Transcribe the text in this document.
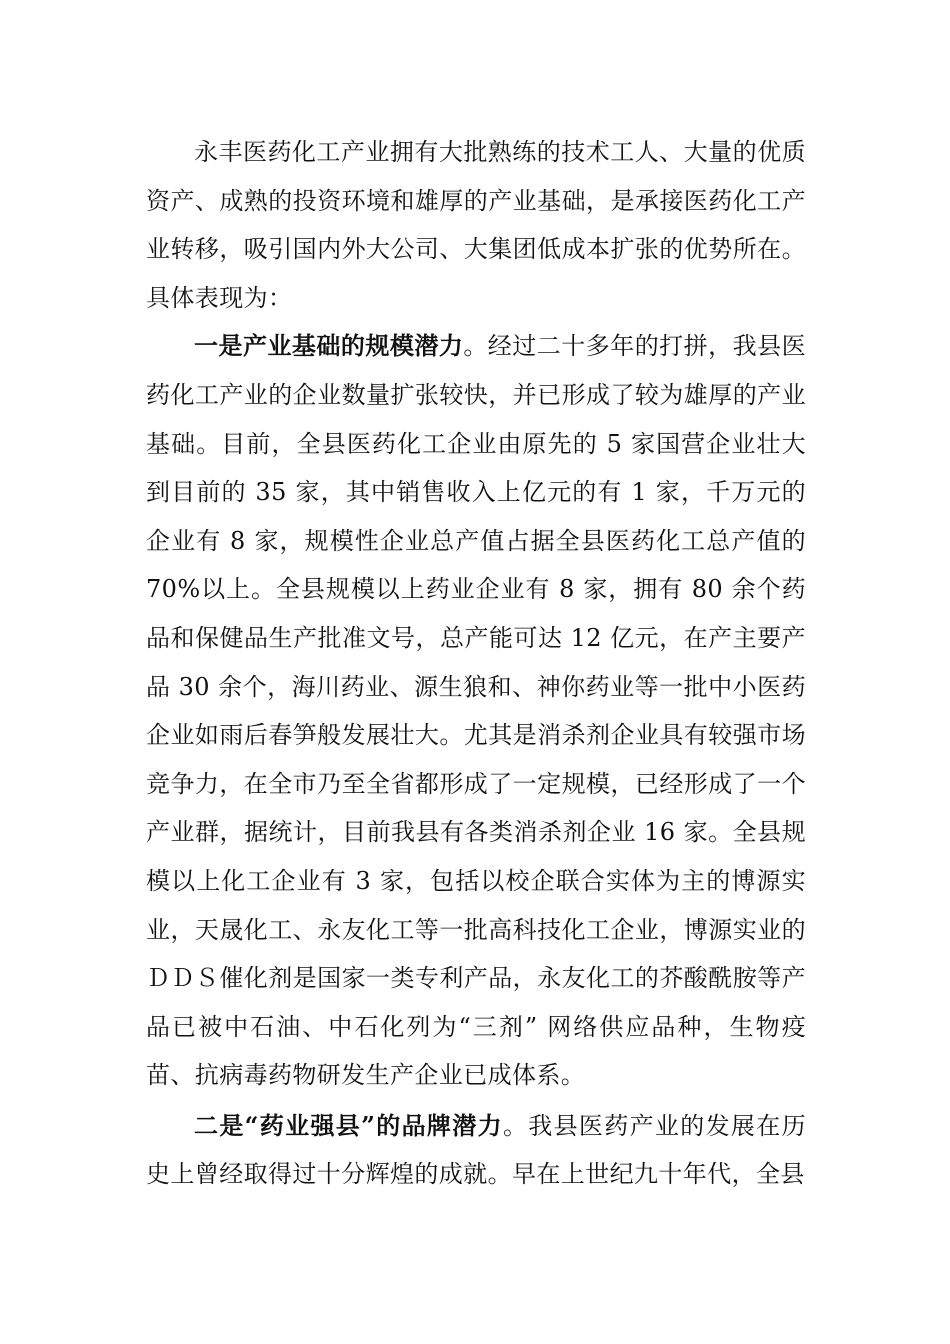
永丰医药化工产业拥有大批熟练的技术工人、大量的优质资产、成熟的投资环境和雄厚的产业基础，是承接医药化工产业转移，吸引国内外大公司、大集团低成本扩张的优势所在。具体表现为：

一是产业基础的规模潜力。经过二十多年的打拼，我县医药化工产业的企业数量扩张较快，并已形成了较为雄厚的产业基础。目前，全县医药化工企业由原先的 5 家国营企业壮大到目前的 35 家，其中销售收入上亿元的有 1 家，千万元的企业有 8 家，规模性企业总产值占据全县医药化工总产值的 70%以上。全县规模以上药业企业有 8 家，拥有 80 余个药品和保健品生产批准文号，总产能可达 12 亿元，在产主要产品 30 余个，海川药业、源生狼和、神你药业等一批中小医药企业如雨后春笋般发展壮大。尤其是消杀剂企业具有较强市场竞争力，在全市乃至全省都形成了一定规模，已经形成了一个产业群，据统计，目前我县有各类消杀剂企业 16 家。全县规模以上化工企业有 3 家，包括以校企联合实体为主的博源实业，天晟化工、永友化工等一批高科技化工企业，博源实业的ＤＤＳ催化剂是国家一类专利产品，永友化工的芥酸酰胺等产品已被中石油、中石化列为“三剂” 网络供应品种，生物疫苗、抗病毒药物研发生产企业已成体系。

二是“药业强县”的品牌潜力。我县医药产业的发展在历史上曾经取得过十分辉煌的成就。早在上世纪九十年代，全县
